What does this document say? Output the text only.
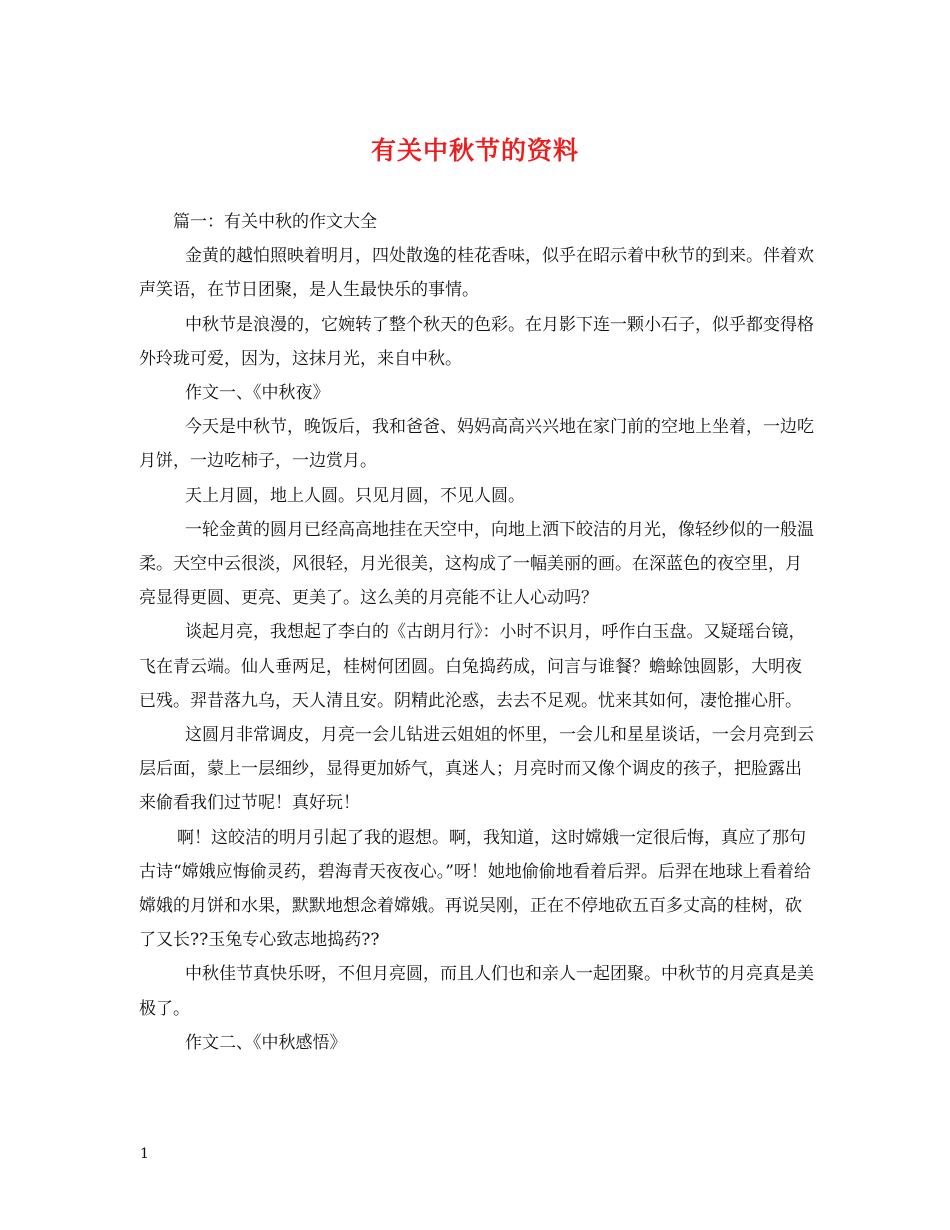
有关中秋节的资料

篇一：有关中秋的作文大全

金黄的越怕照映着明月，四处散逸的桂花香味，似乎在昭示着中秋节的到来。伴着欢声笑语，在节日团聚，是人生最快乐的事情。

中秋节是浪漫的，它婉转了整个秋天的色彩。在月影下连一颗小石子，似乎都变得格外玲珑可爱，因为，这抹月光，来自中秋。

作文一、《中秋夜》

今天是中秋节，晚饭后，我和爸爸、妈妈高高兴兴地在家门前的空地上坐着，一边吃月饼，一边吃柿子，一边赏月。

天上月圆，地上人圆。只见月圆，不见人圆。

一轮金黄的圆月已经高高地挂在天空中，向地上洒下皎洁的月光，像轻纱似的一般温柔。天空中云很淡，风很轻，月光很美，这构成了一幅美丽的画。在深蓝色的夜空里，月亮显得更圆、更亮、更美了。这么美的月亮能不让人心动吗？

谈起月亮，我想起了李白的《古朗月行》：小时不识月，呼作白玉盘。又疑瑶台镜，飞在青云端。仙人垂两足，桂树何团圆。白兔捣药成，问言与谁餐？蟾蜍蚀圆影，大明夜已残。羿昔落九乌，天人清且安。阴精此沦惑，去去不足观。忧来其如何，凄怆摧心肝。

这圆月非常调皮，月亮一会儿钻进云姐姐的怀里，一会儿和星星谈话，一会月亮到云层后面，蒙上一层细纱，显得更加娇气，真迷人；月亮时而又像个调皮的孩子，把脸露出来偷看我们过节呢！真好玩！

啊！这皎洁的明月引起了我的遐想。啊，我知道，这时嫦娥一定很后悔，真应了那句古诗“嫦娥应悔偷灵药，碧海青天夜夜心。”呀！她地偷偷地看着后羿。后羿在地球上看着给嫦娥的月饼和水果，默默地想念着嫦娥。再说吴刚，正在不停地砍五百多丈高的桂树，砍了又长??玉兔专心致志地捣药??

中秋佳节真快乐呀，不但月亮圆，而且人们也和亲人一起团聚。中秋节的月亮真是美极了。

作文二、《中秋感悟》

1
